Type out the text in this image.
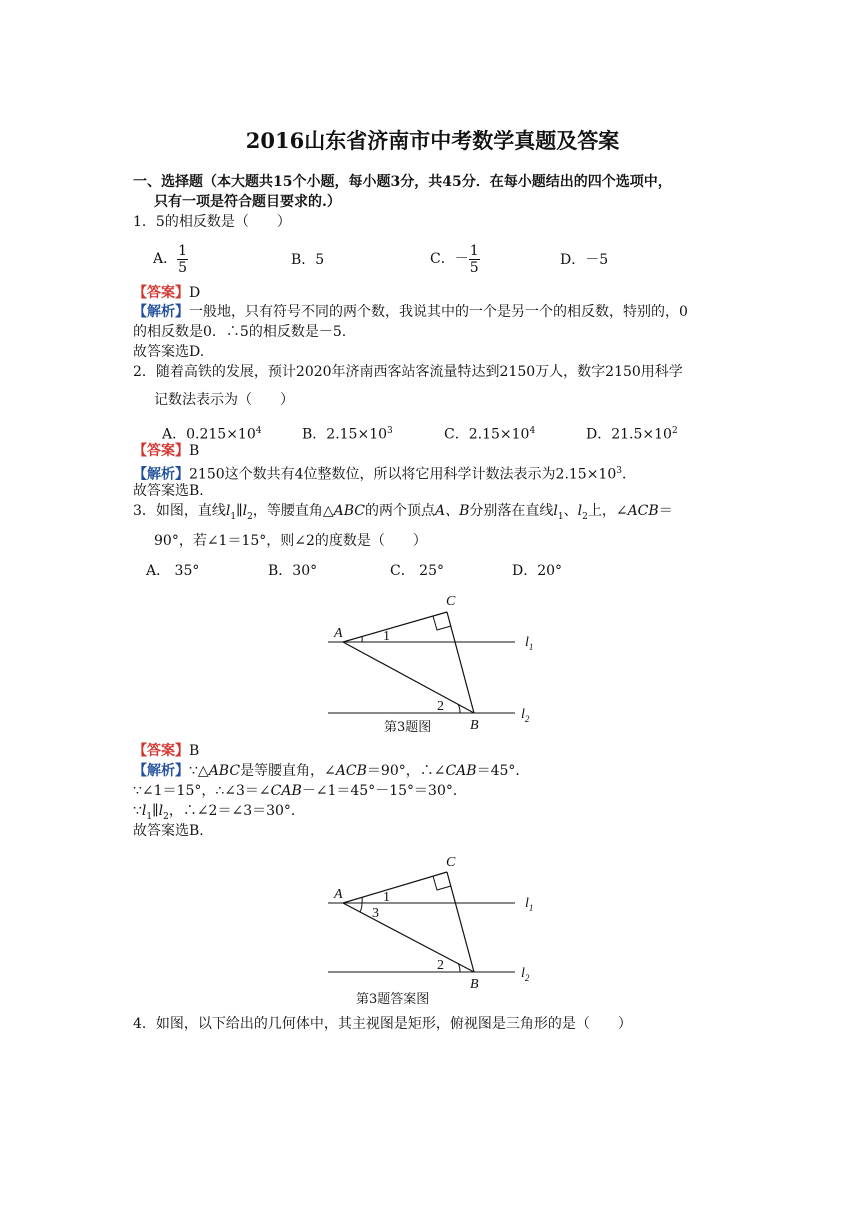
2016山东省济南市中考数学真题及答案
一、选择题（本大题共15个小题，每小题3分，共45分．在每小题结出的四个选项中，
只有一项是符合题目要求的.）
1．5的相反数是（　　）
A． $\frac{1}{5}$	B．5	C．－ $\frac{1}{5}$	D．－5
【答案】D
【解析】一般地，只有符号不同的两个数，我说其中的一个是另一个的相反数，特别的，0
的相反数是0．∴5的相反数是－5.
故答案选D.
2．随着高铁的发展，预计2020年济南西客站客流量特达到2150万人，数字2150用科学
记数法表示为（　　）
A．$0.215\times 10^4$	B．$2.15\times 10^3$	C．$2.15\times 10^4$	D．$21.5\times 10^2$
【答案】B
【解析】2150这个数共有4位整数位，所以将它用科学计数法表示为$2.15\times 10^3$．
故答案选B.
3．如图，直线$l_1\parallel l_2$，等腰直角△ABC的两个顶点A、B分别落在直线$l_1$、$l_2$上，∠ACB＝
90°，若∠1＝15°，则∠2的度数是（　　）
A． 35°	B．30°	C． 25°	D．20°
C
A	1
2
B
$l_1$
$l_2$
第3题图
【答案】B
【解析】∵△ABC是等腰直角，∠ACB＝90°，∴∠CAB＝45°．
∵∠1＝15°，∴∠3＝∠CAB－∠1＝45°－15°＝30°．
$\because l_1\parallel l_2$，∴∠2＝∠3＝30°．
故答案选B.
C
A	1
3
2
B
$l_1$
$l_2$
第3题答案图
4．如图，以下给出的几何体中，其主视图是矩形，俯视图是三角形的是（　　）
